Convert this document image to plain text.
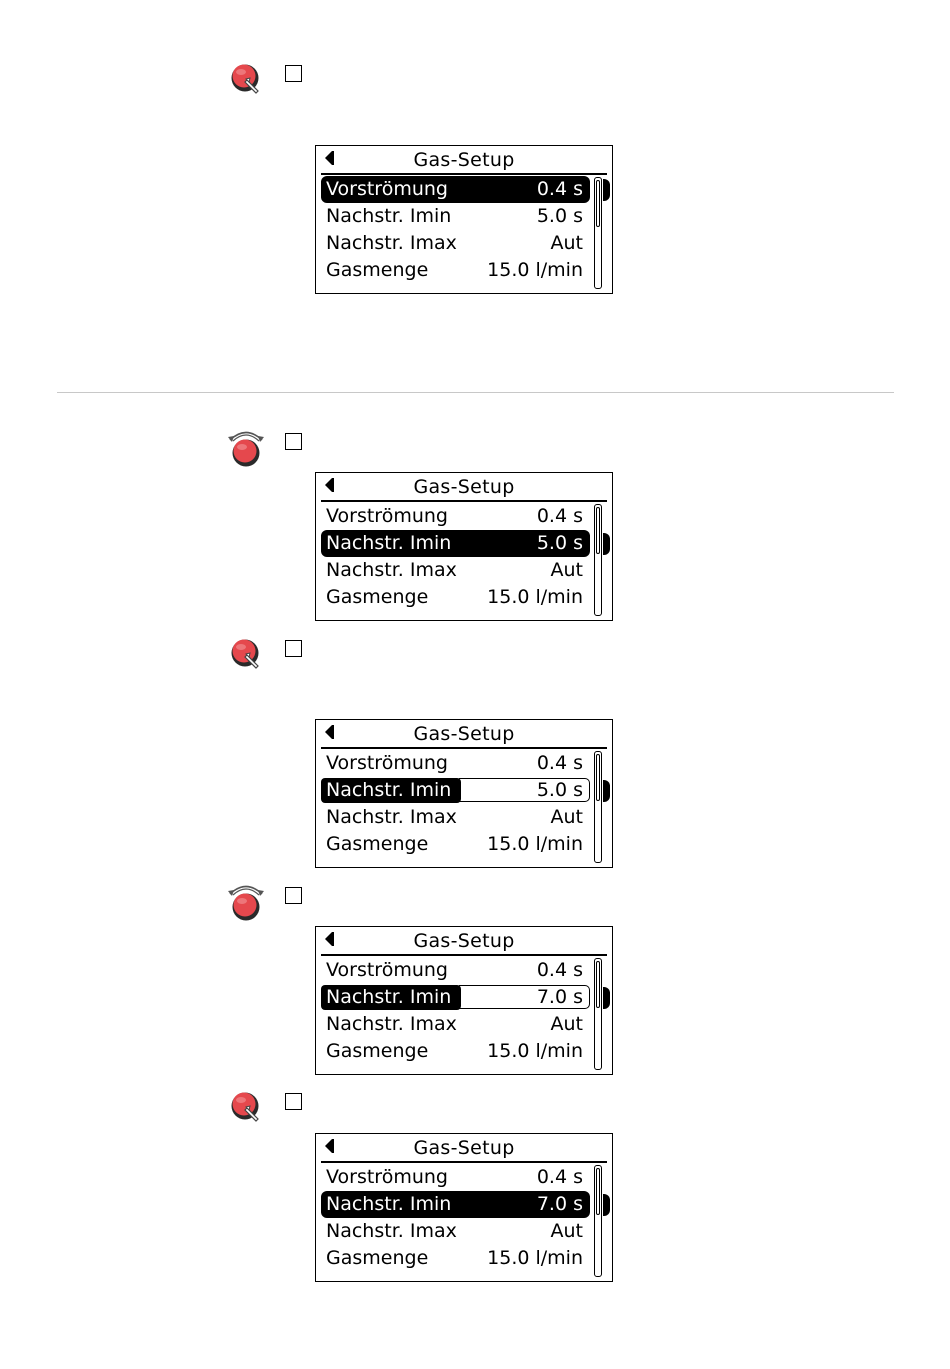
Gas-Setup
Vorströmung	0.4 s
Nachstr. Imin	5.0 s
Nachstr. Imax	Aut
Gasmenge	15.0 l/min
Gas-Setup
Vorströmung	0.4 s
Nachstr. Imin	5.0 s
Nachstr. Imax	Aut
Gasmenge	15.0 l/min
Gas-Setup
Vorströmung	0.4 s
Nachstr. Imin	5.0 s
Nachstr. Imax	Aut
Gasmenge	15.0 l/min
Gas-Setup
Vorströmung	0.4 s
Nachstr. Imin	7.0 s
Nachstr. Imax	Aut
Gasmenge	15.0 l/min
Gas-Setup
Vorströmung	0.4 s
Nachstr. Imin	7.0 s
Nachstr. Imax	Aut
Gasmenge	15.0 l/min
